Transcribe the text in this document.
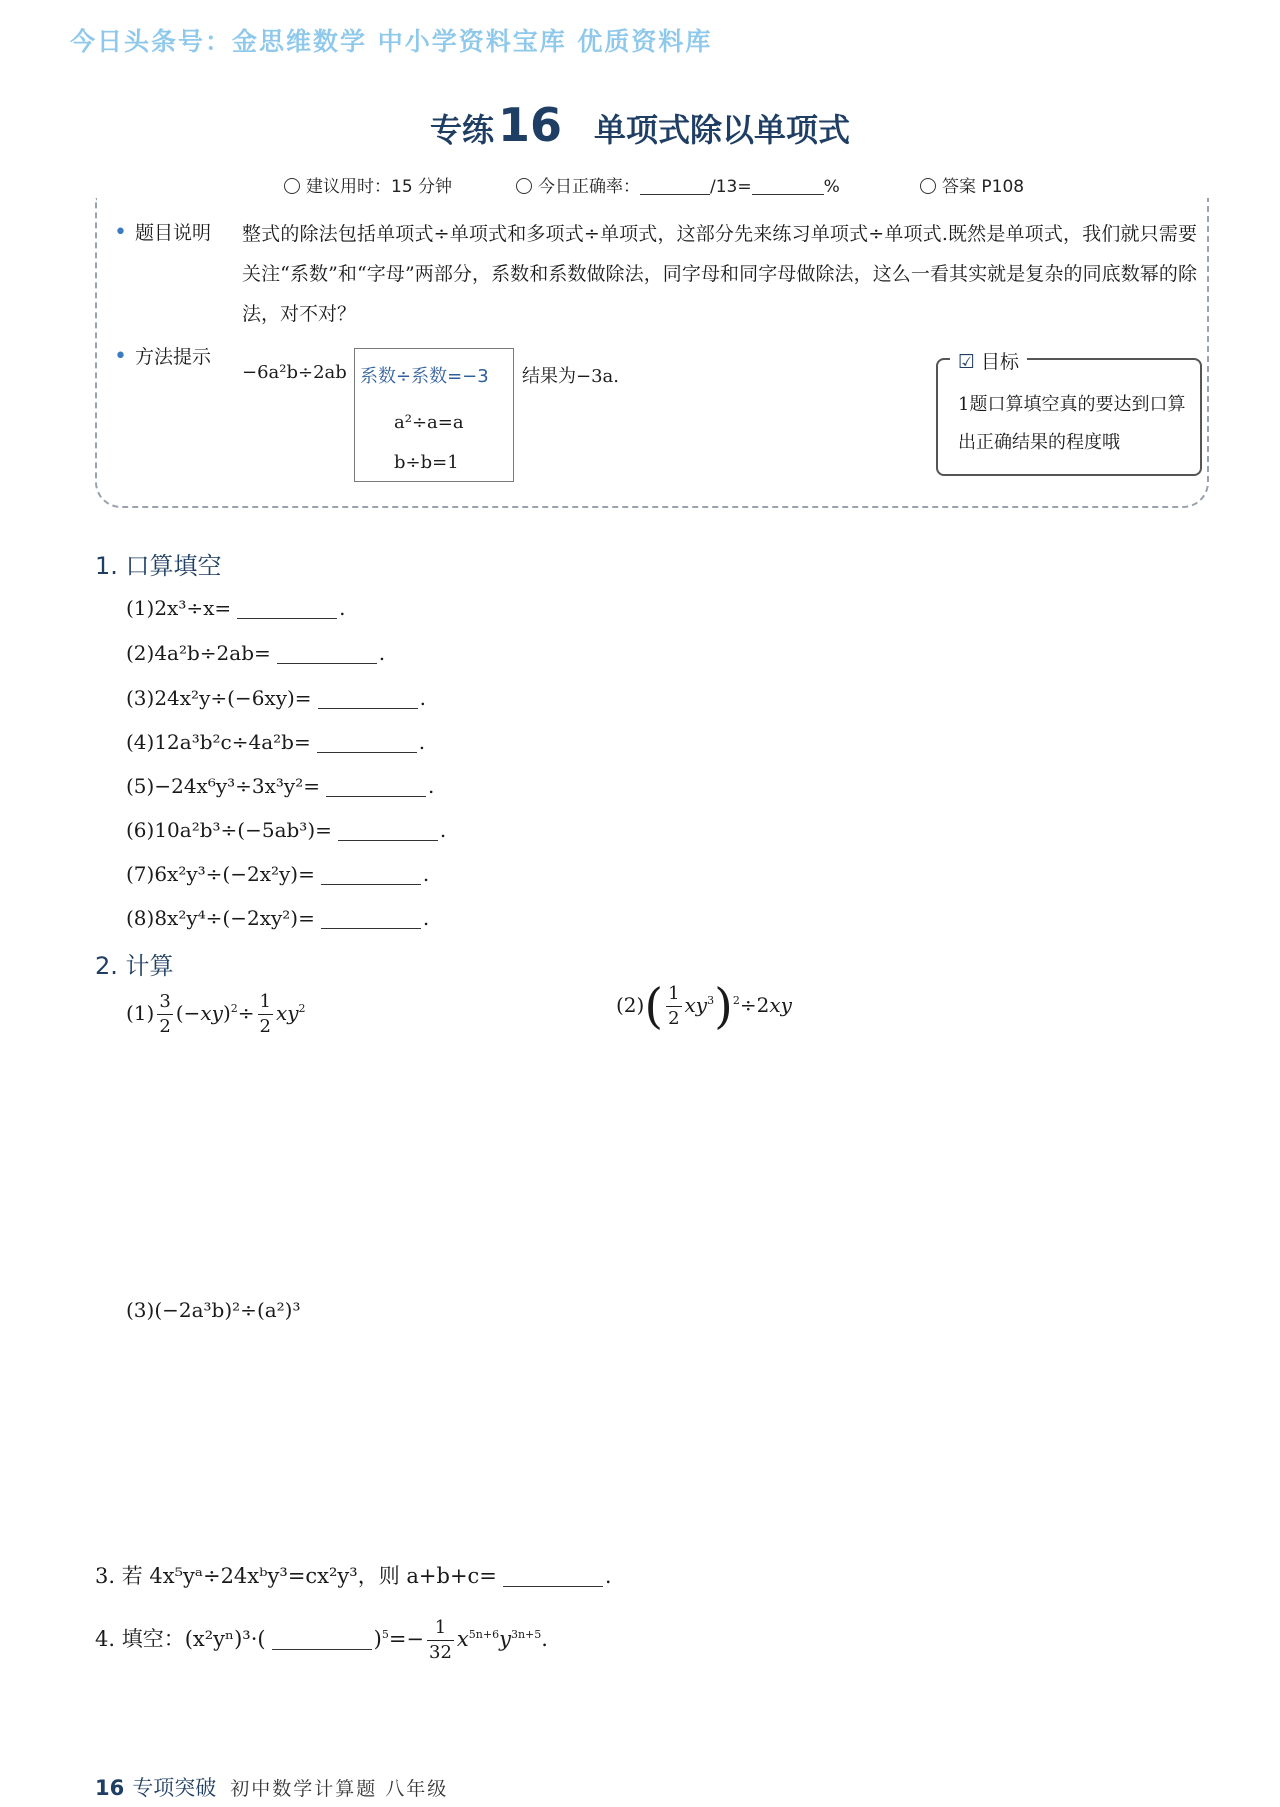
今日头条号：金思维数学 中小学资料宝库 优质资料库
专练16 单项式除以单项式
建议用时：15 分钟	今日正确率：	/13=	%	答案 P108
• 题目说明 整式的除法包括单项式÷单项式和多项式÷单项式，这部分先来练习单项式÷单项式.既然是单项式，我们就只需要关注“系数”和“字母”两部分，系数和系数做除法，同字母和同字母做除法，这么一看其实就是复杂的同底数幂的除法，对不对？
• 方法提示
−6a²b÷2ab 系数÷系数=−3
a²÷a=a
b÷b=1
结果为−3a.
☑ 目标
1题口算填空真的要达到口算出正确结果的程度哦
1. 口算填空
(1)2x³÷x=	.
(2)4a²b÷2ab=	.
(3)24x²y÷(−6xy)=	.
(4)12a³b²c÷4a²b=	.
(5)−24x⁶y³÷3x³y²=	.
(6)10a²b³÷(−5ab³)=	.
(7)6x²y³÷(−2x²y)=	.
(8)8x²y⁴÷(−2xy²)=	.
2. 计算
$(1) \frac{3}{2} (-xy)^2\div \frac{1}{2} xy^2$	$(2)( \frac{1}{2} xy^3)^2\div 2xy$
(3)(−2a³b)²÷(a²)³
3. 若 4x⁵yᵃ÷24xᵇy³=cx²y³，则 a+b+c=	.
4. 填空：(x²yⁿ)³·(	)$^5=- \frac{1}{32} x^{5n+6}y^{3n+5}$.
16 专项突破 初中数学计算题 八年级
